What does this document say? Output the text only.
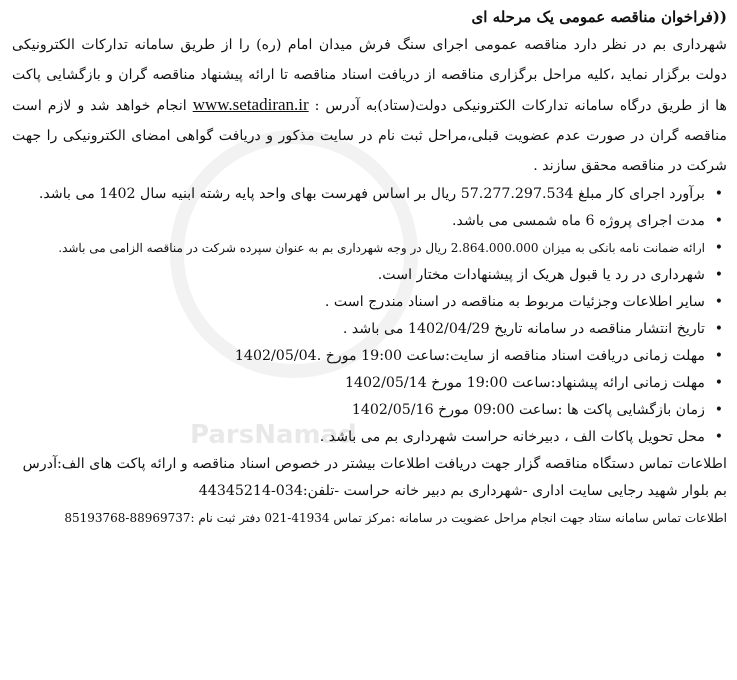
ParsNamad

((فراخوان مناقصه عمومی یک مرحله ای

شهرداری بم در نظر دارد مناقصه عمومی اجرای سنگ فرش میدان امام (ره) را از طریق سامانه تدارکات الکترونیکی دولت برگزار نماید ،کلیه مراحل برگزاری مناقصه از دریافت اسناد مناقصه تا ارائه پیشنهاد مناقصه گران و بازگشایی پاکت ها از طریق درگاه سامانه تدارکات الکترونیکی دولت(ستاد)به آدرس : www.setadiran.ir انجام خواهد شد و لازم است مناقصه گران در صورت عدم عضویت قبلی،مراحل ثبت نام در سایت مذکور و دریافت گواهی امضای الکترونیکی را جهت شرکت در مناقصه محقق سازند .

• برآورد اجرای کار مبلغ 57.277.297.534 ریال بر اساس فهرست بهای واحد پایه رشته ابنیه سال 1402 می باشد.
• مدت اجرای پروژه 6 ماه شمسی می باشد.
• ارائه ضمانت نامه بانکی به میزان 2.864.000.000 ریال در وجه شهرداری بم به عنوان سپرده شرکت در مناقصه الزامی می باشد.
• شهرداری در رد یا قبول هریک از پیشنهادات مختار است.
• سایر اطلاعات وجزئیات مربوط به مناقصه در اسناد مندرج است .
• تاریخ انتشار مناقصه در سامانه تاریخ 1402/04/29 می باشد .
• مهلت زمانی دریافت اسناد مناقصه از سایت:ساعت 19:00 مورخ .1402/05/04
• مهلت زمانی ارائه پیشنهاد:ساعت 19:00 مورخ 1402/05/14
• زمان بازگشایی پاکت ها :ساعت 09:00 مورخ 1402/05/16
• محل تحویل پاکات الف ، دبیرخانه حراست شهرداری بم می باشد .

اطلاعات تماس دستگاه مناقصه گزار جهت دریافت اطلاعات بیشتر در خصوص اسناد مناقصه و ارائه پاکت های الف:آدرس بم بلوار شهید رجایی سایت اداری -شهرداری بم دبیر خانه حراست -تلفن:034-44345214

اطلاعات تماس سامانه ستاد جهت انجام مراحل عضویت در سامانه :مرکز تماس 41934-021 دفتر ثبت نام :88969737-85193768
